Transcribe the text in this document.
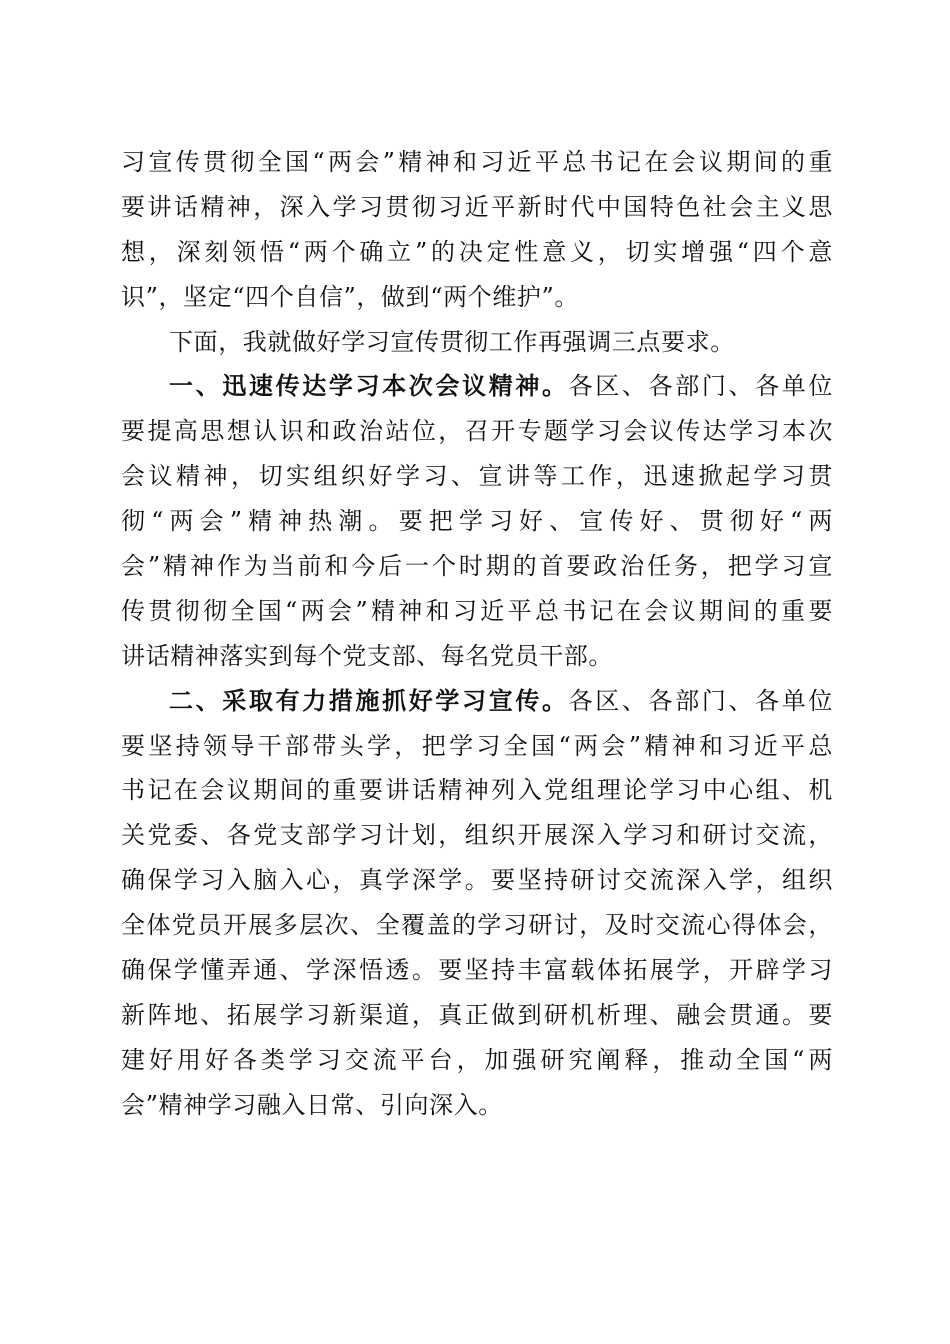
习宣传贯彻全国“两会”精神和习近平总书记在会议期间的重
要讲话精神，深入学习贯彻习近平新时代中国特色社会主义思
想，深刻领悟“两个确立”的决定性意义，切实增强“四个意
识”，坚定“四个自信”，做到“两个维护”。
下面，我就做好学习宣传贯彻工作再强调三点要求。
一、迅速传达学习本次会议精神。各区、各部门、各单位
要提高思想认识和政治站位，召开专题学习会议传达学习本次
会议精神，切实组织好学习、宣讲等工作，迅速掀起学习贯
彻“两会”精神热潮。要把学习好、宣传好、贯彻好“两
会”精神作为当前和今后一个时期的首要政治任务，把学习宣
传贯彻彻全国“两会”精神和习近平总书记在会议期间的重要
讲话精神落实到每个党支部、每名党员干部。
二、采取有力措施抓好学习宣传。各区、各部门、各单位
要坚持领导干部带头学，把学习全国“两会”精神和习近平总
书记在会议期间的重要讲话精神列入党组理论学习中心组、机
关党委、各党支部学习计划，组织开展深入学习和研讨交流，
确保学习入脑入心，真学深学。要坚持研讨交流深入学，组织
全体党员开展多层次、全覆盖的学习研讨，及时交流心得体会，
确保学懂弄通、学深悟透。要坚持丰富载体拓展学，开辟学习
新阵地、拓展学习新渠道，真正做到研机析理、融会贯通。要
建好用好各类学习交流平台，加强研究阐释，推动全国“两
会”精神学习融入日常、引向深入。
